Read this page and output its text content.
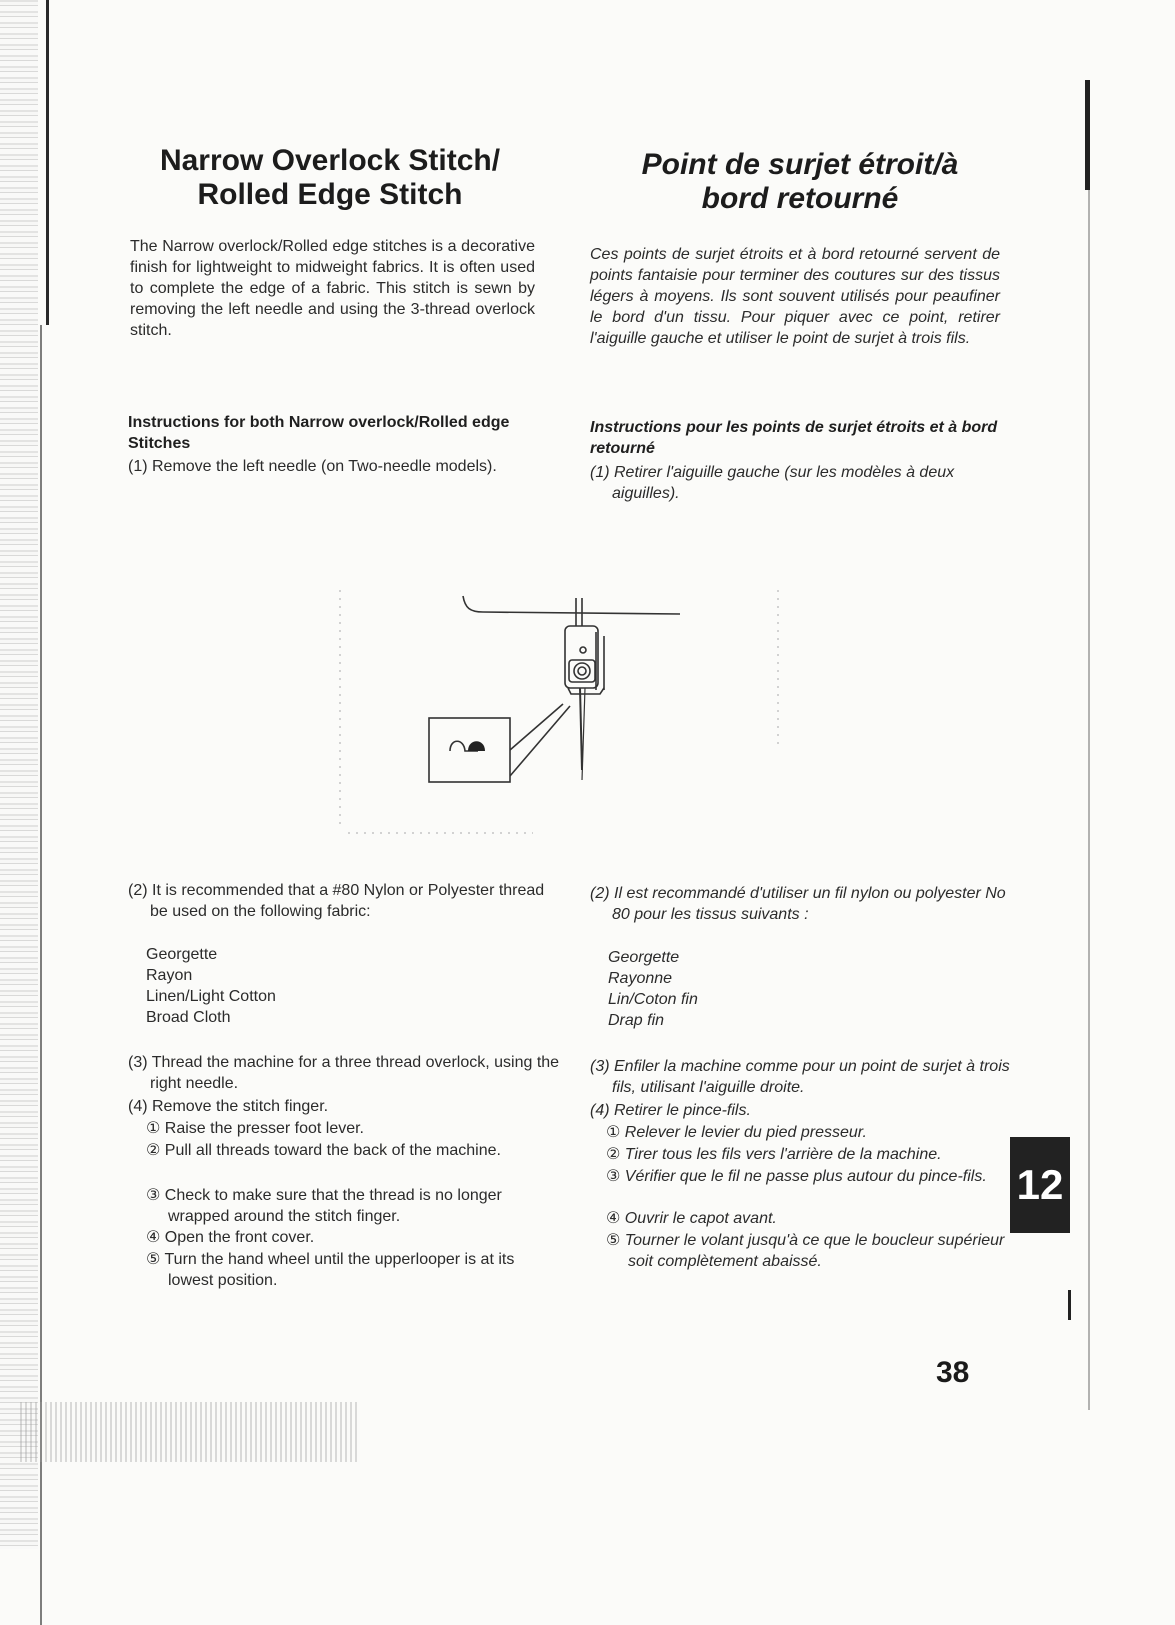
Narrow Overlock Stitch/
Rolled Edge Stitch
Point de surjet étroit/à
bord retourné

The Narrow overlock/Rolled edge stitches is a decorative finish for lightweight to midweight fabrics. It is often used to complete the edge of a fabric. This stitch is sewn by removing the left needle and using the 3-thread overlock stitch.

Ces points de surjet étroits et à bord retourné servent de points fantaisie pour terminer des coutures sur des tissus légers à moyens. Ils sont souvent utilisés pour peaufiner le bord d'un tissu. Pour piquer avec ce point, retirer l'aiguille gauche et utiliser le point de surjet à trois fils.

Instructions for both Narrow overlock/Rolled edge Stitches

Instructions pour les points de surjet étroits et à bord retourné

(1) Remove the left needle (on Two-needle models).	(1) Retirer l'aiguille gauche (sur les modèles à deux aiguilles).

(2) It is recommended that a #80 Nylon or Polyester thread be used on the following fabric:

(2) Il est recommandé d'utiliser un fil nylon ou polyester No 80 pour les tissus suivants :

Georgette
Rayon
Linen/Light Cotton
Broad Cloth
Georgette
Rayonne
Lin/Coton fin
Drap fin

(3) Thread the machine for a three thread overlock, using the right needle.

(3) Enfiler la machine comme pour un point de surjet à trois fils, utilisant l'aiguille droite.

(4) Remove the stitch finger.	(4) Retirer le pince-fils.

① Raise the presser foot lever.

② Pull all threads toward the back of the machine.

③ Check to make sure that the thread is no longer wrapped around the stitch finger.

④ Open the front cover.

⑤ Turn the hand wheel until the upperlooper is at its lowest position.

① Relever le levier du pied presseur.

② Tirer tous les fils vers l'arrière de la machine.

③ Vérifier que le fil ne passe plus autour du pince-fils.

④ Ouvrir le capot avant.

⑤ Tourner le volant jusqu'à ce que le boucleur supérieur soit complètement abaissé.

12

38
